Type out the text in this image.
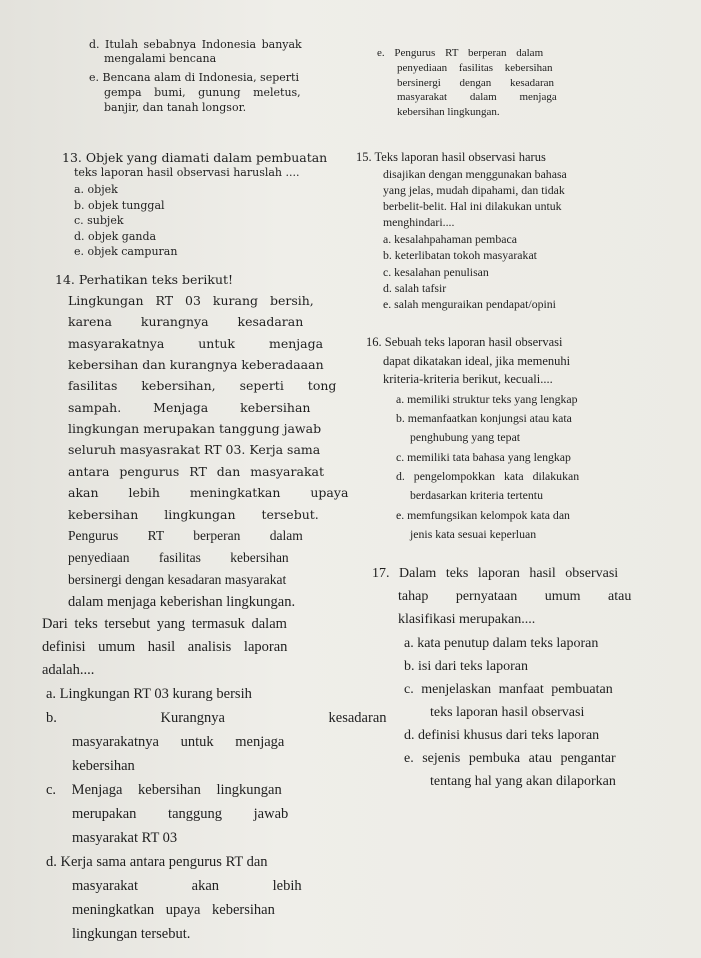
d. Itulah sebabnya Indonesia banyak
mengalami bencana
e. Bencana alam di Indonesia, seperti
gempa bumi, gunung meletus,
banjir, dan tanah longsor.
e. Pengurus RT berperan dalam
penyediaan fasilitas kebersihan
bersinergi dengan kesadaran
masyarakat dalam menjaga
kebersihan lingkungan.
13. Objek yang diamati dalam pembuatan
teks laporan hasil observasi haruslah ....
a. objek
b. objek tunggal
c. subjek
d. objek ganda
e. objek campuran
14. Perhatikan teks berikut!
Lingkungan RT 03 kurang bersih,
karena kurangnya kesadaran
masyarakatnya untuk menjaga
kebersihan dan kurangnya keberadaaan
fasilitas kebersihan, seperti tong
sampah. Menjaga kebersihan
lingkungan merupakan tanggung jawab
seluruh masyasrakat RT 03. Kerja sama
antara pengurus RT dan masyarakat
akan lebih meningkatkan upaya
kebersihan lingkungan tersebut.
Pengurus RT berperan dalam
penyediaan fasilitas kebersihan
bersinergi dengan kesadaran masyarakat
dalam menjaga keberishan lingkungan.
Dari teks tersebut yang termasuk dalam
definisi umum hasil analisis laporan
adalah....
a. Lingkungan RT 03 kurang bersih
b. Kurangnya kesadaran
masyarakatnya untuk menjaga
kebersihan
c. Menjaga kebersihan lingkungan
merupakan tanggung jawab
masyarakat RT 03
d. Kerja sama antara pengurus RT dan
masyarakat akan lebih
meningkatkan upaya kebersihan
lingkungan tersebut.
15. Teks laporan hasil observasi harus
disajikan dengan menggunakan bahasa
yang jelas, mudah dipahami, dan tidak
berbelit-belit. Hal ini dilakukan untuk
menghindari....
a. kesalahpahaman pembaca
b. keterlibatan tokoh masyarakat
c. kesalahan penulisan
d. salah tafsir
e. salah menguraikan pendapat/opini
16. Sebuah teks laporan hasil observasi
dapat dikatakan ideal, jika memenuhi
kriteria-kriteria berikut, kecuali....
a. memiliki struktur teks yang lengkap
b. memanfaatkan konjungsi atau kata
penghubung yang tepat
c. memiliki tata bahasa yang lengkap
d. pengelompokkan kata dilakukan
berdasarkan kriteria tertentu
e. memfungsikan kelompok kata dan
jenis kata sesuai keperluan
17. Dalam teks laporan hasil observasi
tahap pernyataan umum atau
klasifikasi merupakan....
a. kata penutup dalam teks laporan
b. isi dari teks laporan
c. menjelaskan manfaat pembuatan
teks laporan hasil observasi
d. definisi khusus dari teks laporan
e. sejenis pembuka atau pengantar
tentang hal yang akan dilaporkan
